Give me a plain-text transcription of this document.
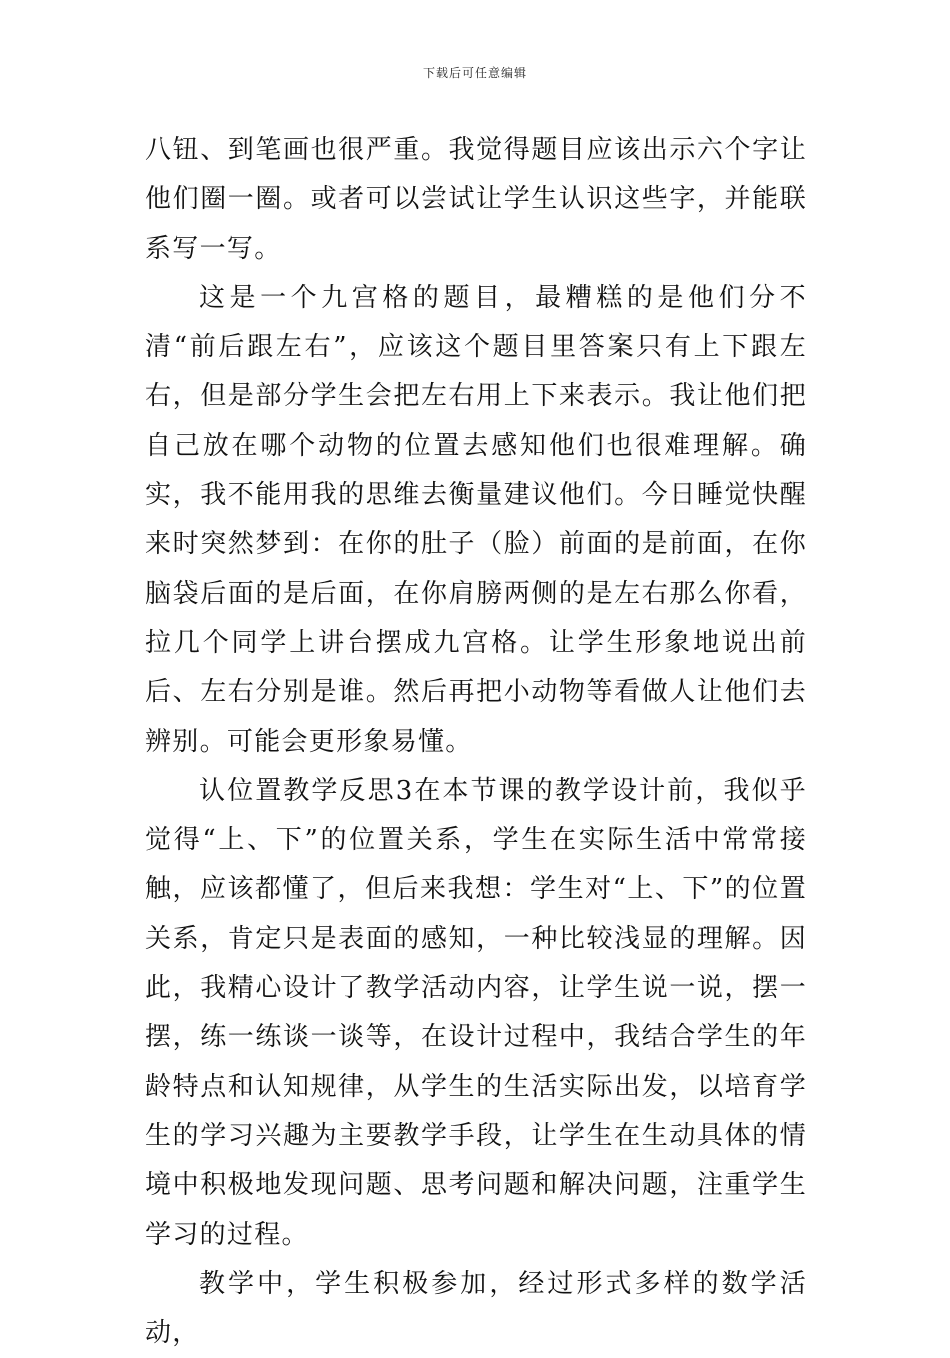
下载后可任意编辑

八钮、到笔画也很严重。我觉得题目应该出示六个字让他们圈一圈。或者可以尝试让学生认识这些字，并能联系写一写。

这是一个九宫格的题目，最糟糕的是他们分不清“前后跟左右”，应该这个题目里答案只有上下跟左右，但是部分学生会把左右用上下来表示。我让他们把自己放在哪个动物的位置去感知他们也很难理解。确实，我不能用我的思维去衡量建议他们。今日睡觉快醒来时突然梦到：在你的肚子（脸）前面的是前面，在你脑袋后面的是后面，在你肩膀两侧的是左右那么你看，拉几个同学上讲台摆成九宫格。让学生形象地说出前后、左右分别是谁。然后再把小动物等看做人让他们去辨别。可能会更形象易懂。

认位置教学反思3在本节课的教学设计前，我似乎觉得“上、下”的位置关系，学生在实际生活中常常接触，应该都懂了，但后来我想：学生对“上、下”的位置关系，肯定只是表面的感知，一种比较浅显的理解。因此，我精心设计了教学活动内容，让学生说一说，摆一摆，练一练谈一谈等，在设计过程中，我结合学生的年龄特点和认知规律，从学生的生活实际出发，以培育学生的学习兴趣为主要教学手段，让学生在生动具体的情境中积极地发现问题、思考问题和解决问题，注重学生学习的过程。

教学中，学生积极参加，经过形式多样的数学活动，
